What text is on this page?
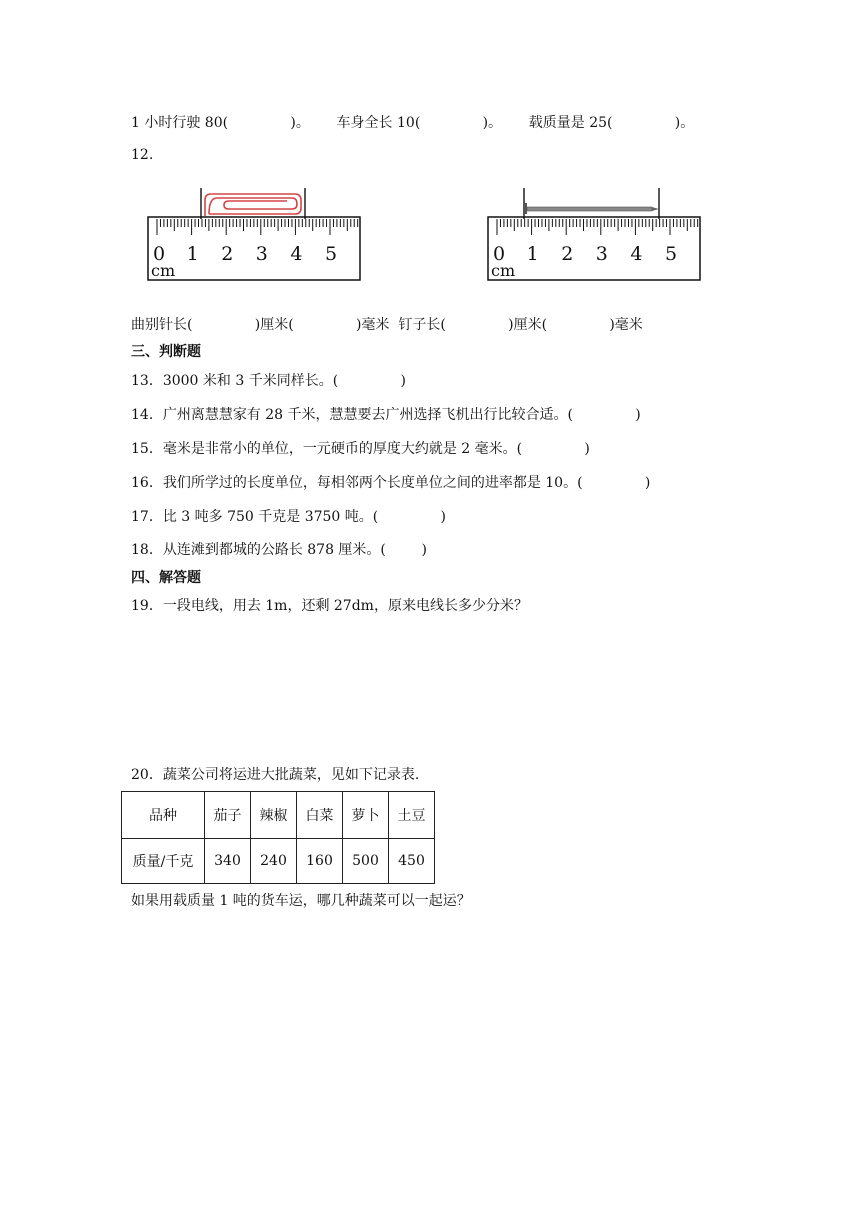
1 小时行驶 80(              )。      车身全长 10(              )。      载质量是 25(              )。
12.
0 1 2 3 4 5
cm
0 1 2 3 4 5
cm
曲别针长(              )厘米(              )毫米  钉子长(              )厘米(              )毫米
三、判断题
13．3000 米和 3 千米同样长。(              )
14．广州离慧慧家有 28 千米，慧慧要去广州选择飞机出行比较合适。(              )
15．毫米是非常小的单位，一元硬币的厚度大约就是 2 毫米。(              )
16．我们所学过的长度单位，每相邻两个长度单位之间的进率都是 10。(              )
17．比 3 吨多 750 千克是 3750 吨。(              )
18．从连滩到都城的公路长 878 厘米。(        )
四、解答题
19．一段电线，用去 1m，还剩 27dm，原来电线长多少分米？
20．蔬菜公司将运进大批蔬菜，见如下记录表.
品种	茄子	辣椒	白菜	萝卜	土豆
质量/千克	340	240	160	500	450
如果用载质量 1 吨的货车运，哪几种蔬菜可以一起运？
